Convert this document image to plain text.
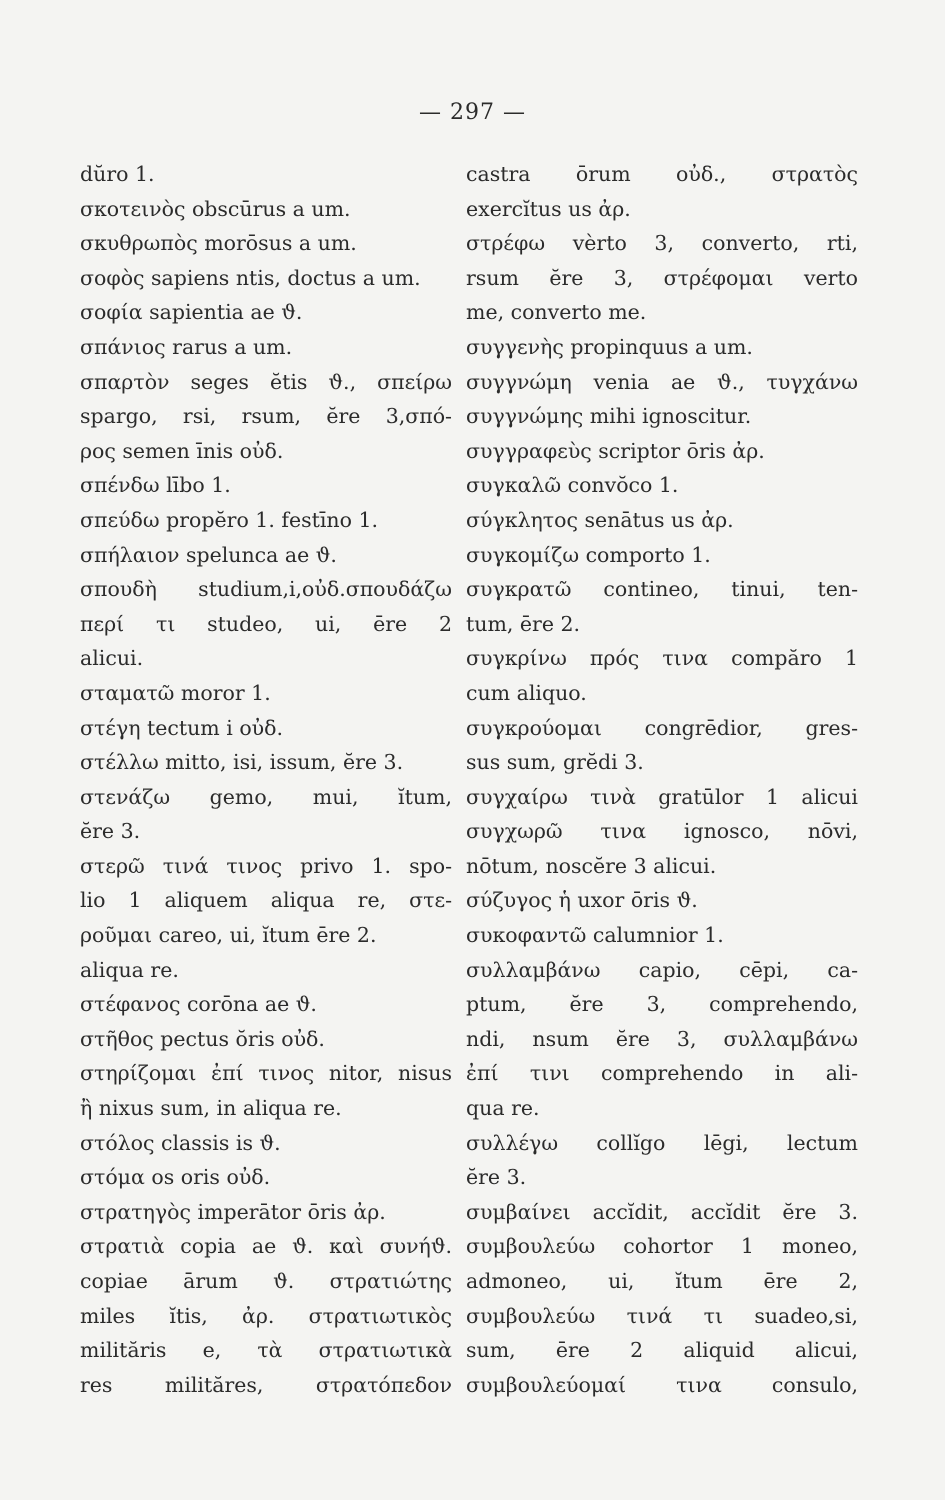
— 297 —
dŭro 1.
σκοτεινὸς obscūrus a um.
σκυθρωπὸς morōsus a um.
σοφὸς sapiens ntis, doctus a um.
σοφία sapientia ae ϑ.
σπάνιος rarus a um.
σπαρτὸν seges ĕtis ϑ., σπείρω
spargo, rsi, rsum, ĕre 3,σπό-
ρος semen īnis οὐδ.
σπένδω lībo 1.
σπεύδω propĕro 1. festīno 1.
σπήλαιον spelunca ae ϑ.
σπουδὴ studium,i,οὐδ.σπουδάζω
περί τι studeo, ui, ēre 2
alicui.
σταματῶ moror 1.
στέγη tectum i οὐδ.
στέλλω mitto, isi, issum, ĕre 3.
στενάζω gemo, mui, ĭtum,
ĕre 3.
στερῶ τινά τινος privo 1. spo-
lio 1 aliquem aliqua re, στε-
ροῦμαι careo, ui, ĭtum ēre 2.
aliqua re.
στέφανος corōna ae ϑ.
στῆθος pectus ŏris οὐδ.
στηρίζομαι ἐπί τινος nitor, nisus
ἢ nixus sum, in aliqua re.
στόλος classis is ϑ.
στόμα os oris οὐδ.
στρατηγὸς imperātor ōris ἀρ.
στρατιὰ copia ae ϑ. καὶ συνήϑ.
copiae ārum ϑ. στρατιώτης
miles ĭtis, ἀρ. στρατιωτικὸς
milităris e, τὰ στρατιωτικὰ
res milităres, στρατόπεδον
castra ōrum οὐδ., στρατὸς
exercĭtus us ἀρ.
στρέφω vèrto 3, converto, rti,
rsum ĕre 3, στρέφομαι verto
me, converto me.
συγγενὴς propinquus a um.
συγγνώμη venia ae ϑ., τυγχάνω
συγγνώμης mihi ignoscitur.
συγγραφεὺς scriptor ōris ἀρ.
συγκαλῶ convŏco 1.
σύγκλητος senātus us ἀρ.
συγκομίζω comporto 1.
συγκρατῶ contineo, tinui, ten-
tum, ēre 2.
συγκρίνω πρός τινα compăro 1
cum aliquo.
συγκρούομαι congrēdior, gres-
sus sum, grĕdi 3.
συγχαίρω τινὰ gratūlor 1 alicui
συγχωρῶ τινα ignosco, nōvi,
nōtum, noscĕre 3 alicui.
σύζυγος ἡ uxor ōris ϑ.
συκοφαντῶ calumnior 1.
συλλαμβάνω capio, cēpi, ca-
ptum, ĕre 3, comprehendo,
ndi, nsum ĕre 3, συλλαμβάνω
ἐπί τινι comprehendo in ali-
qua re.
συλλέγω collĭgo lēgi, lectum
ĕre 3.
συμβαίνει accĭdit, accĭdit ĕre 3.
συμβουλεύω cohortor 1 moneo,
admoneo, ui, ĭtum ēre 2,
συμβουλεύω τινά τι suadeo,si,
sum, ēre 2 aliquid alicui,
συμβουλεύομαί τινα consulo,
